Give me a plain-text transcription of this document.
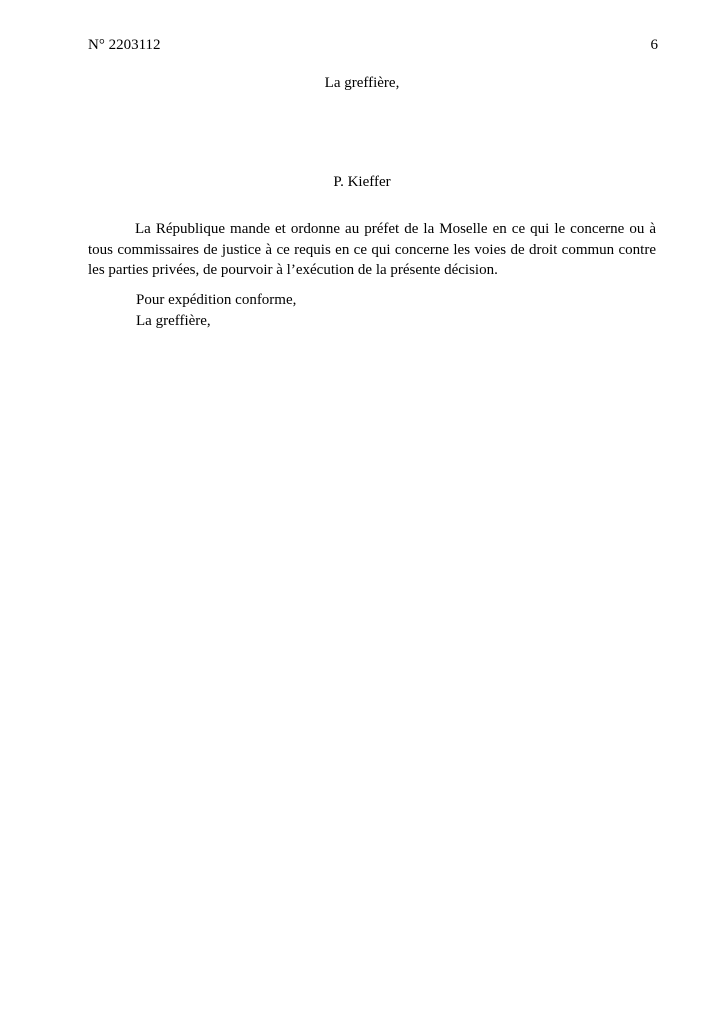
N° 2203112	6
La greffière,
P. Kieffer
La République mande et ordonne au préfet de la Moselle en ce qui le concerne ou à tous commissaires de justice à ce requis en ce qui concerne les voies de droit commun contre les parties privées, de pourvoir à l’exécution de la présente décision.
Pour expédition conforme,
La greffière,
